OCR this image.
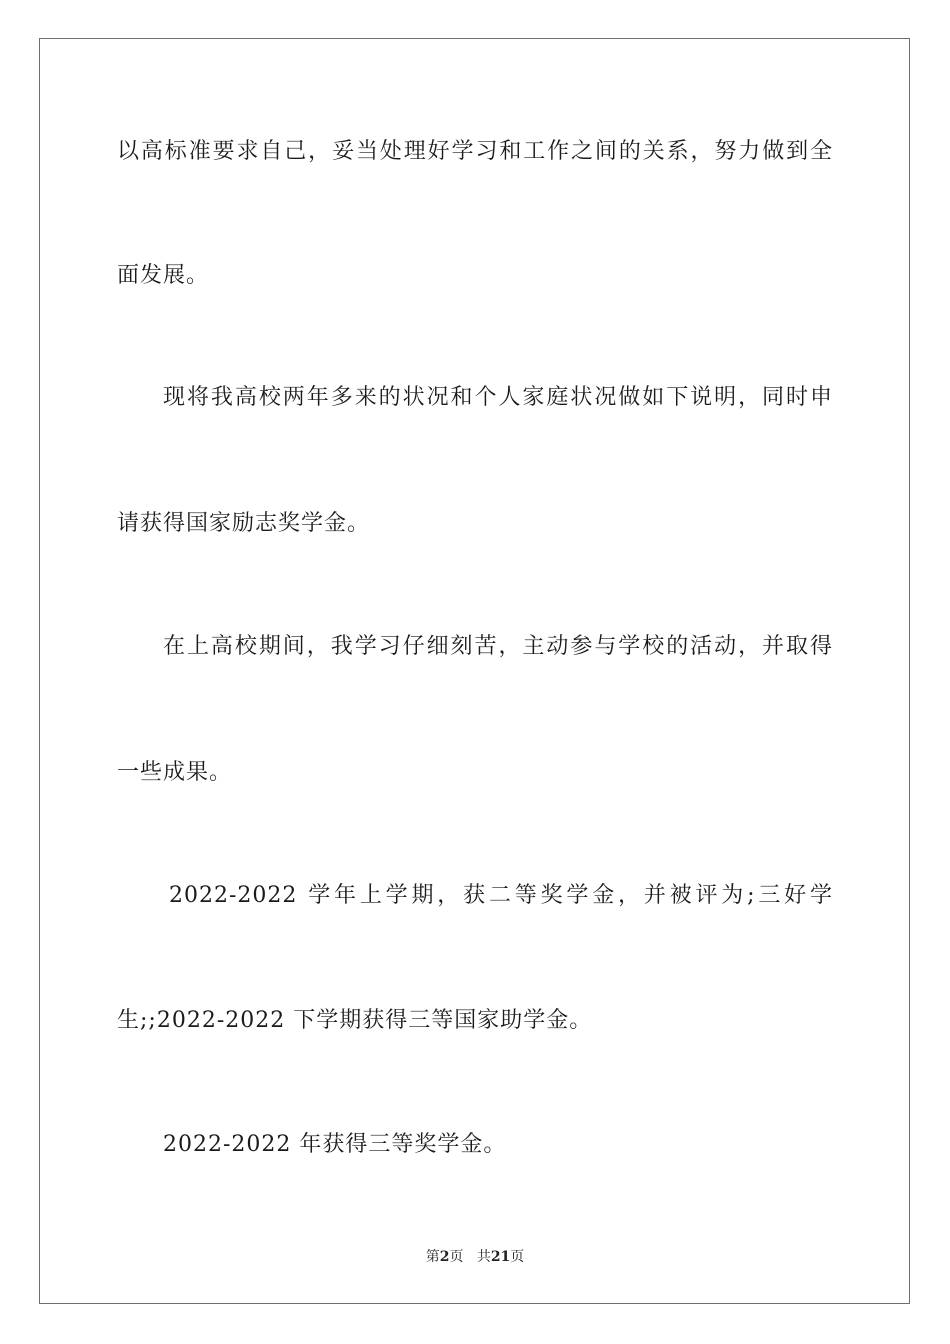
以高标准要求自己，妥当处理好学习和工作之间的关系，努力做到全
面发展。
现将我高校两年多来的状况和个人家庭状况做如下说明，同时申
请获得国家励志奖学金。
在上高校期间，我学习仔细刻苦，主动参与学校的活动，并取得
一些成果。
2022-2022 学年上学期，获二等奖学金，并被评为;三好学
生;;2022-2022 下学期获得三等国家助学金。
2022-2022 年获得三等奖学金。
第2页 共21页
